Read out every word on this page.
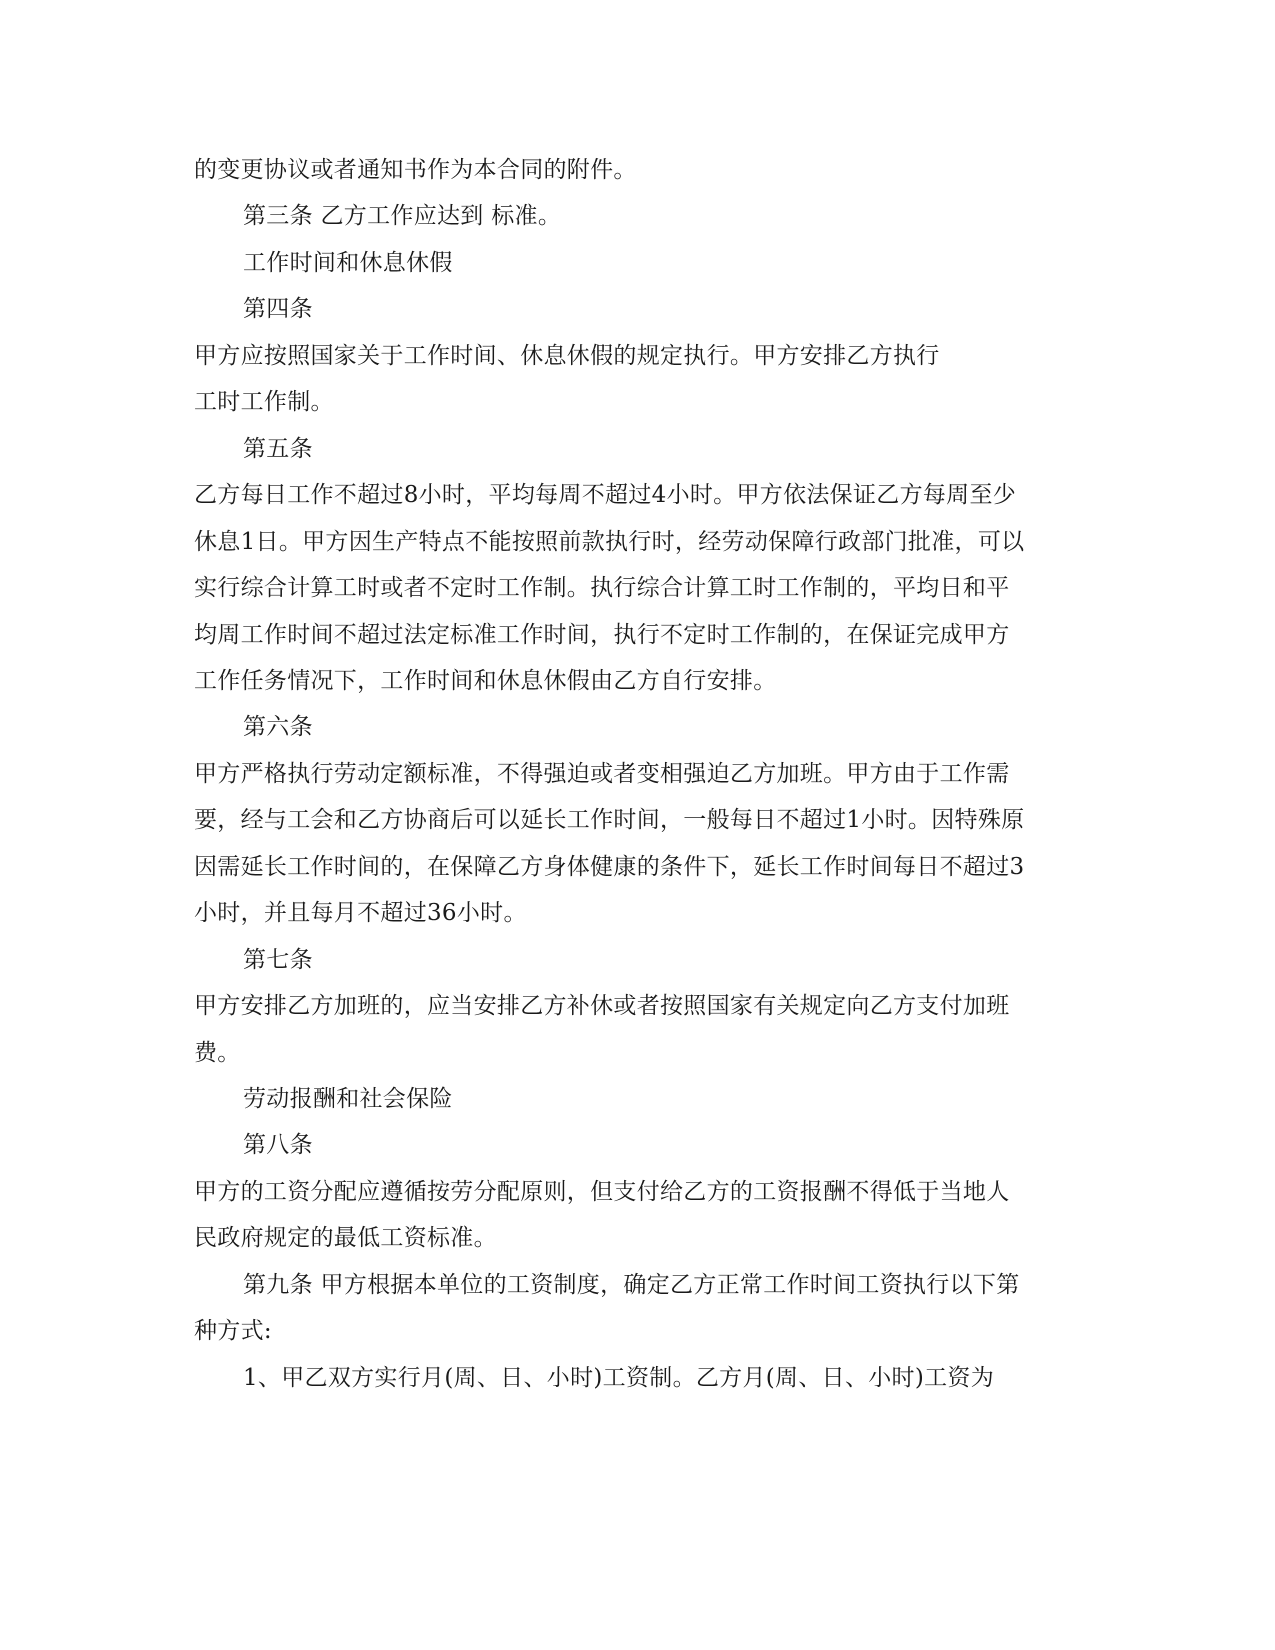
的变更协议或者通知书作为本合同的附件。
第三条 乙方工作应达到 标准。
工作时间和休息休假
第四条
甲方应按照国家关于工作时间、休息休假的规定执行。甲方安排乙方执行
工时工作制。
第五条
乙方每日工作不超过8小时，平均每周不超过4小时。甲方依法保证乙方每周至少
休息1日。甲方因生产特点不能按照前款执行时，经劳动保障行政部门批准，可以
实行综合计算工时或者不定时工作制。执行综合计算工时工作制的，平均日和平
均周工作时间不超过法定标准工作时间，执行不定时工作制的，在保证完成甲方
工作任务情况下，工作时间和休息休假由乙方自行安排。
第六条
甲方严格执行劳动定额标准，不得强迫或者变相强迫乙方加班。甲方由于工作需
要，经与工会和乙方协商后可以延长工作时间，一般每日不超过1小时。因特殊原
因需延长工作时间的，在保障乙方身体健康的条件下，延长工作时间每日不超过3
小时，并且每月不超过36小时。
第七条
甲方安排乙方加班的，应当安排乙方补休或者按照国家有关规定向乙方支付加班
费。
劳动报酬和社会保险
第八条
甲方的工资分配应遵循按劳分配原则，但支付给乙方的工资报酬不得低于当地人
民政府规定的最低工资标准。
第九条 甲方根据本单位的工资制度，确定乙方正常工作时间工资执行以下第
种方式:
1、甲乙双方实行月(周、日、小时)工资制。乙方月(周、日、小时)工资为
